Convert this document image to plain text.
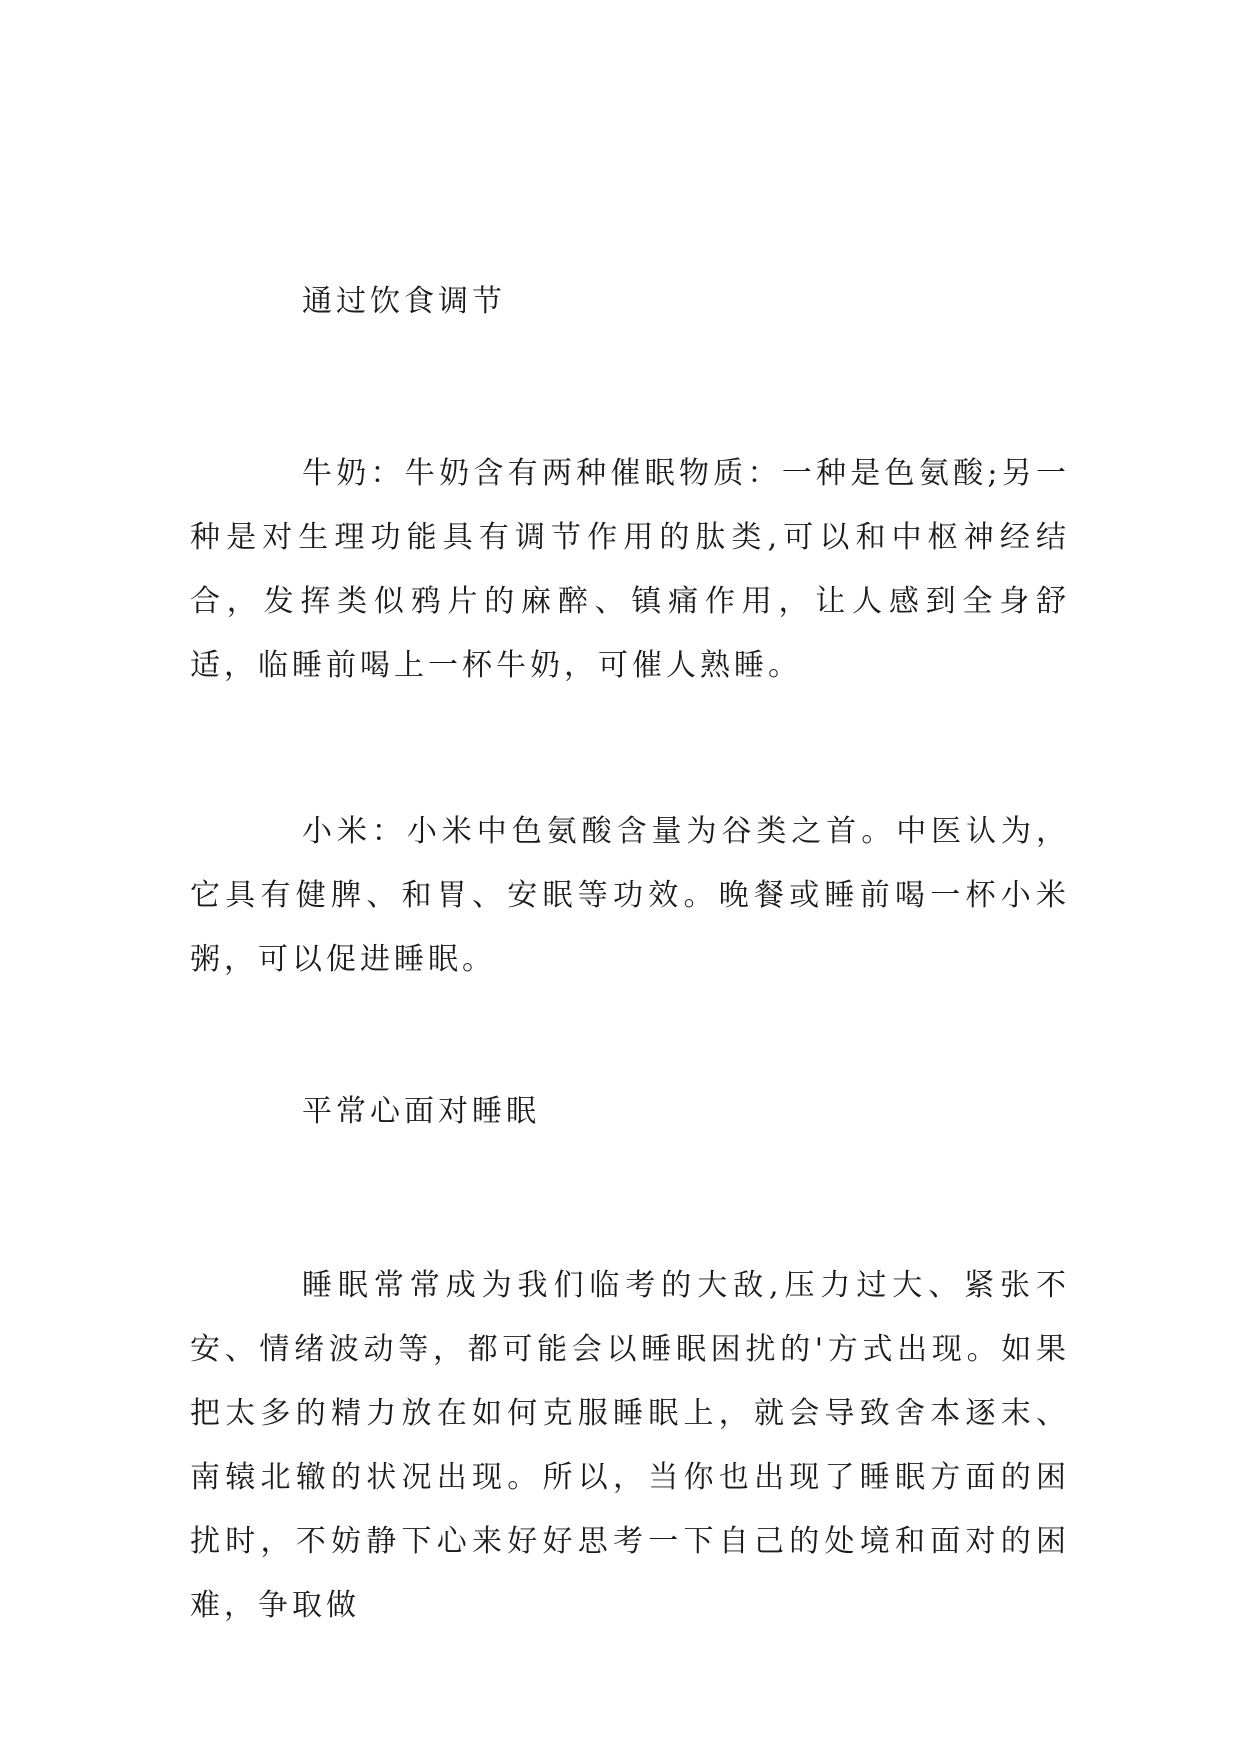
通过饮食调节

牛奶：牛奶含有两种催眠物质：一种是色氨酸;另一种是对生理功能具有调节作用的肽类,可以和中枢神经结合，发挥类似鸦片的麻醉、镇痛作用，让人感到全身舒适，临睡前喝上一杯牛奶，可催人熟睡。

小米：小米中色氨酸含量为谷类之首。中医认为，它具有健脾、和胃、安眠等功效。晚餐或睡前喝一杯小米粥，可以促进睡眠。

平常心面对睡眠

睡眠常常成为我们临考的大敌,压力过大、紧张不安、情绪波动等，都可能会以睡眠困扰的'方式出现。如果把太多的精力放在如何克服睡眠上，就会导致舍本逐末、南辕北辙的状况出现。所以，当你也出现了睡眠方面的困扰时，不妨静下心来好好思考一下自己的处境和面对的困难，争取做
